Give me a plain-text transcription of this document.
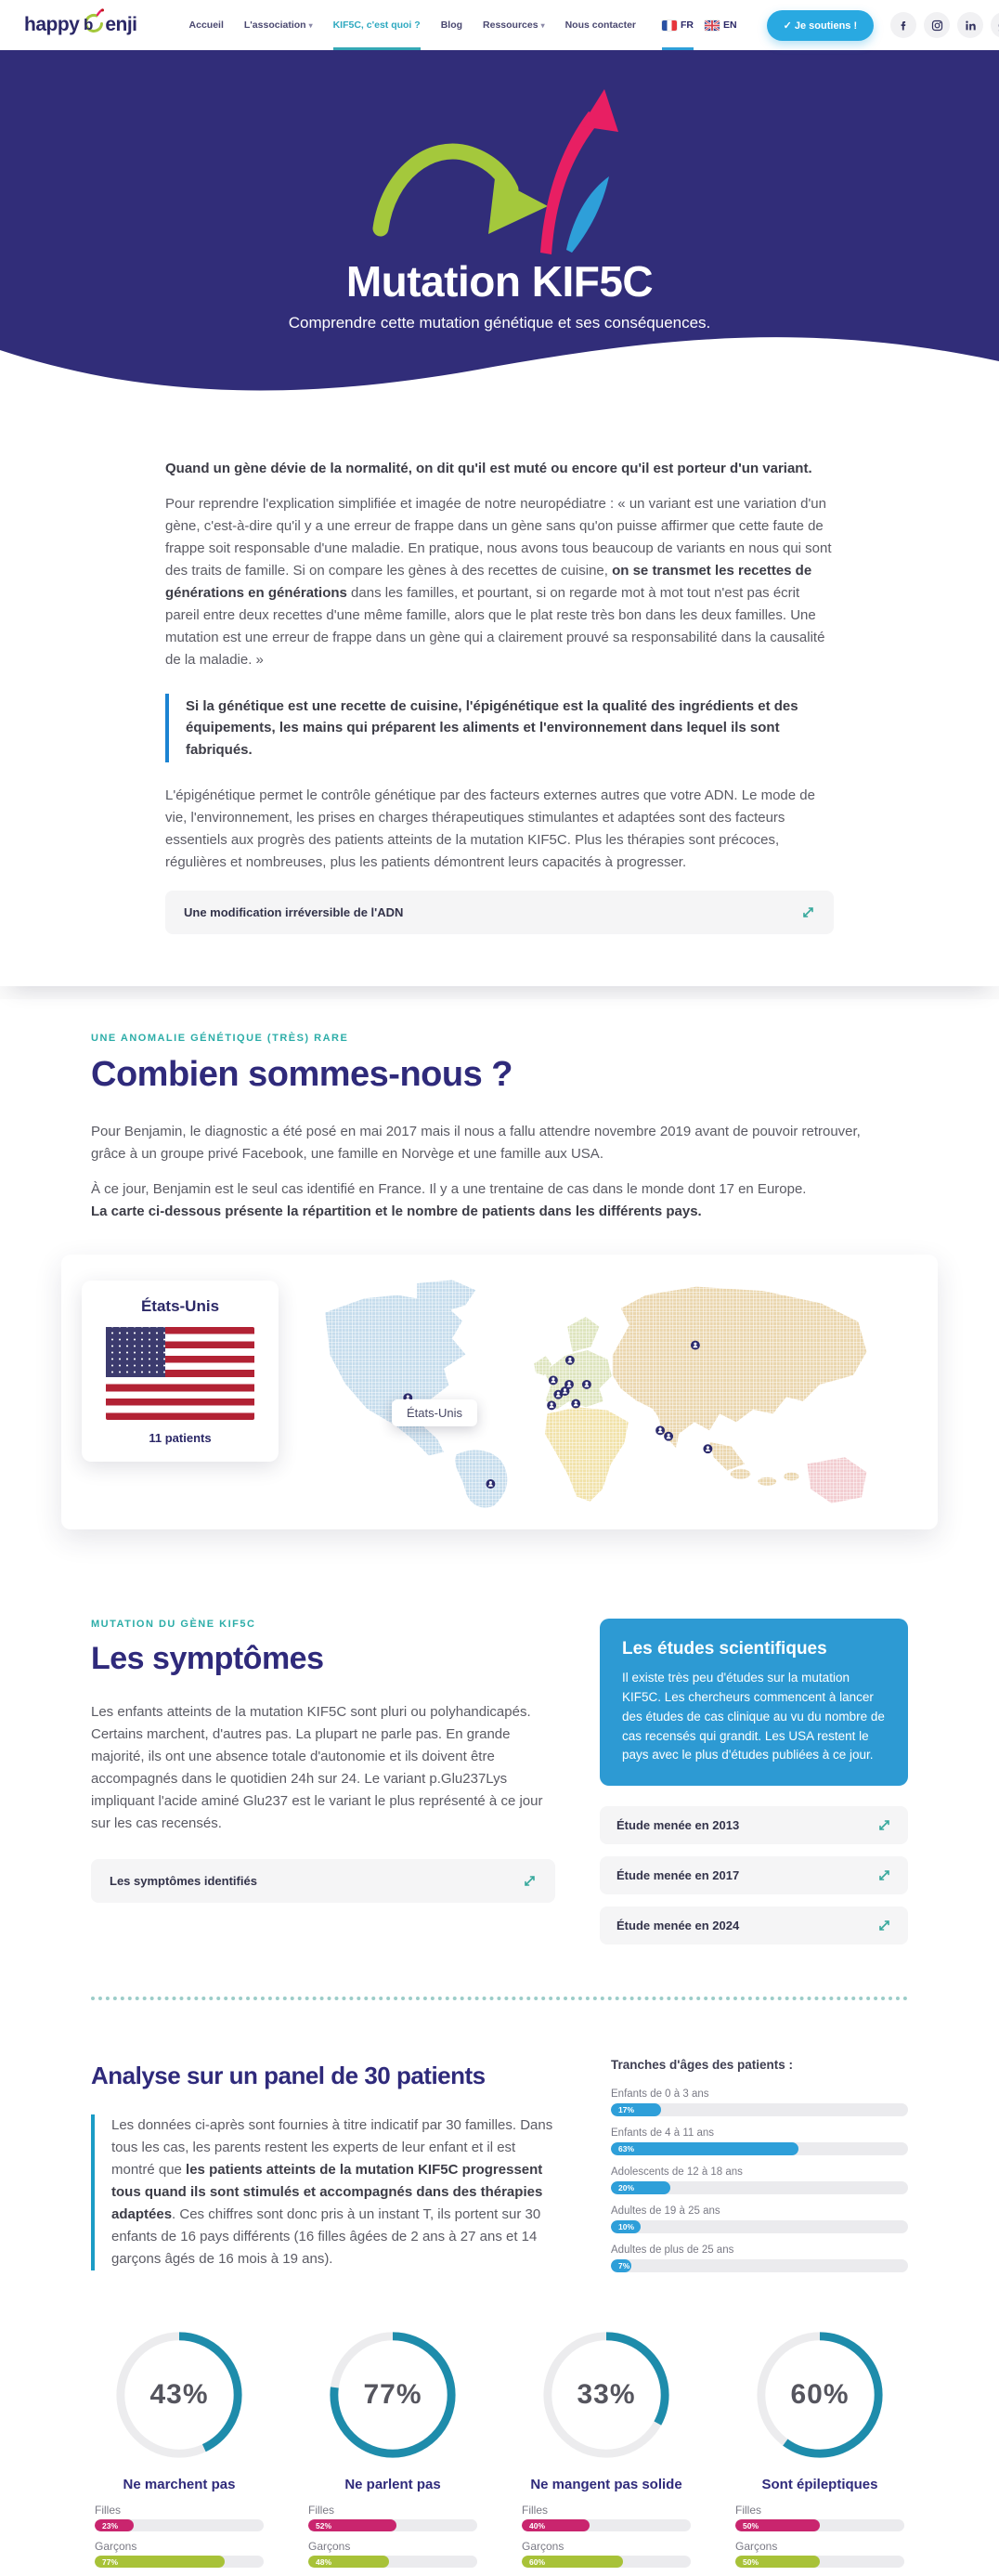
happy b enji	Accueil L'association ▾ KIF5C, c'est quoi ? Blog Ressources ▾ Nous contacter	FR	EN	✓ Je soutiens !
Mutation KIF5C
Comprendre cette mutation génétique et ses conséquences.

Quand un gène dévie de la normalité, on dit qu'il est muté ou encore qu'il est porteur d'un variant.

Pour reprendre l'explication simplifiée et imagée de notre neuropédiatre : « un variant est une variation d'un gène, c'est-à-dire qu'il y a une erreur de frappe dans un gène sans qu'on puisse affirmer que cette faute de frappe soit responsable d'une maladie. En pratique, nous avons tous beaucoup de variants en nous qui sont des traits de famille. Si on compare les gènes à des recettes de cuisine, on se transmet les recettes de générations en générations dans les familles, et pourtant, si on regarde mot à mot tout n'est pas écrit pareil entre deux recettes d'une même famille, alors que le plat reste très bon dans les deux familles. Une mutation est une erreur de frappe dans un gène qui a clairement prouvé sa responsabilité dans la causalité de la maladie. »

Si la génétique est une recette de cuisine, l'épigénétique est la qualité des ingrédients et des équipements, les mains qui préparent les aliments et l'environnement dans lequel ils sont fabriqués.

L'épigénétique permet le contrôle génétique par des facteurs externes autres que votre ADN. Le mode de vie, l'environnement, les prises en charges thérapeutiques stimulantes et adaptées sont des facteurs essentiels aux progrès des patients atteints de la mutation KIF5C. Plus les thérapies sont précoces, régulières et nombreuses, plus les patients démontrent leurs capacités à progresser.

Une modification irréversible de l'ADN
UNE ANOMALIE GÉNÉTIQUE (TRÈS) RARE
Combien sommes-nous ?

Pour Benjamin, le diagnostic a été posé en mai 2017 mais il nous a fallu attendre novembre 2019 avant de pouvoir retrouver, grâce à un groupe privé Facebook, une famille en Norvège et une famille aux USA.

À ce jour, Benjamin est le seul cas identifié en France. Il y a une trentaine de cas dans le monde dont 17 en Europe.
La carte ci-dessous présente la répartition et le nombre de patients dans les différents pays.

États-Unis
11 patients
États-Unis
MUTATION DU GÈNE KIF5C
Les symptômes

Les enfants atteints de la mutation KIF5C sont pluri ou polyhandicapés. Certains marchent, d'autres pas. La plupart ne parle pas. En grande majorité, ils ont une absence totale d'autonomie et ils doivent être accompagnés dans le quotidien 24h sur 24. Le variant p.Glu237Lys impliquant l'acide aminé Glu237 est le variant le plus représenté à ce jour sur les cas recensés.

Les symptômes identifiés
Les études scientifiques

Il existe très peu d'études sur la mutation KIF5C. Les chercheurs commencent à lancer des études de cas clinique au vu du nombre de cas recensés qui grandit. Les USA restent le pays avec le plus d'études publiées à ce jour.

Étude menée en 2013
Étude menée en 2017
Étude menée en 2024
Analyse sur un panel de 30 patients
Les données ci-après sont fournies à titre indicatif par 30 familles. Dans tous les cas, les parents restent les experts de leur enfant et il est montré que les patients atteints de la mutation KIF5C progressent tous quand ils sont stimulés et accompagnés dans des thérapies adaptées. Ces chiffres sont donc pris à un instant T, ils portent sur 30 enfants de 16 pays différents (16 filles âgées de 2 ans à 27 ans et 14 garçons âgés de 16 mois à 19 ans).
Tranches d'âges des patients :
Enfants de 0 à 3 ans
17%
Enfants de 4 à 11 ans
63%
Adolescents de 12 à 18 ans
20%
Adultes de 19 à 25 ans
10%
Adultes de plus de 25 ans
7%
43%
Ne marchent pas
Filles
23%
Garçons
77%
77%
Ne parlent pas
Filles
52%
Garçons
48%
33%
Ne mangent pas solide
Filles
40%
Garçons
60%
60%
Sont épileptiques
Filles
50%
Garçons
50%
